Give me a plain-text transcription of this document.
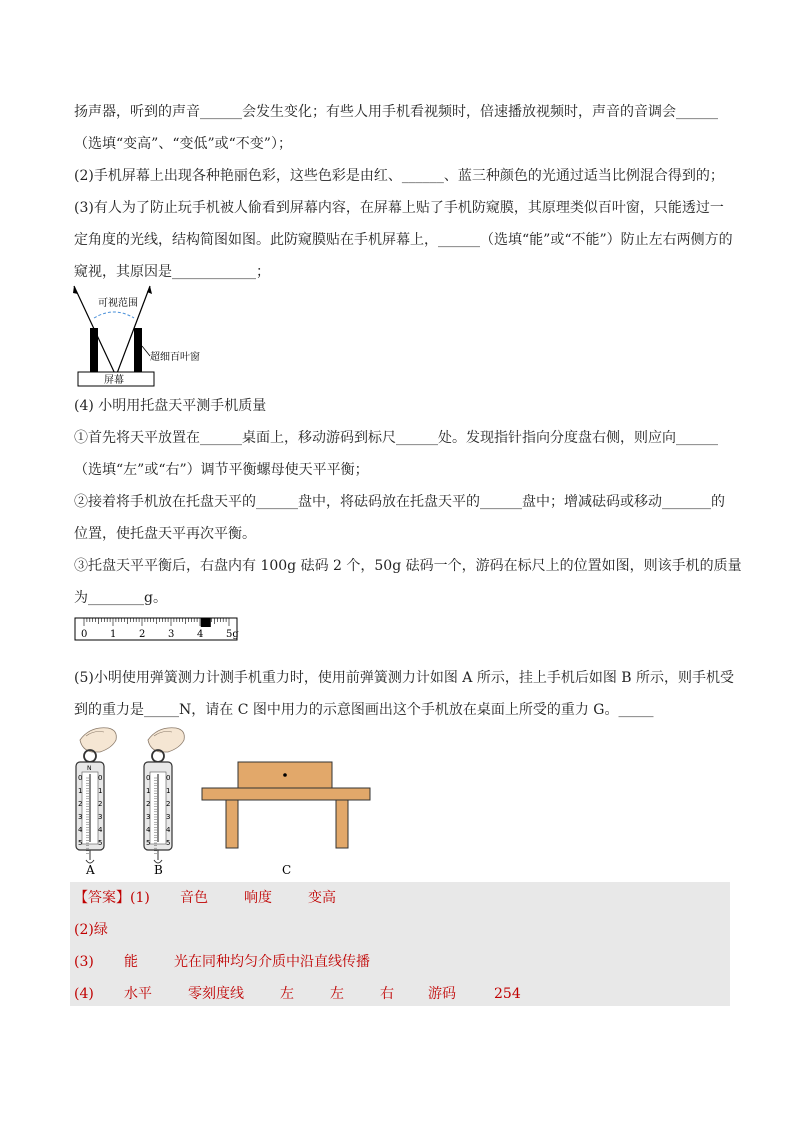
扬声器，听到的声音______会发生变化；有些人用手机看视频时，倍速播放视频时，声音的音调会______
（选填“变高”、“变低”或“不变”）；
(2)手机屏幕上出现各种艳丽色彩，这些色彩是由红、______、蓝三种颜色的光通过适当比例混合得到的；
(3)有人为了防止玩手机被人偷看到屏幕内容，在屏幕上贴了手机防窥膜，其原理类似百叶窗，只能透过一
定角度的光线，结构简图如图。此防窥膜贴在手机屏幕上，______（选填“能”或“不能”）防止左右两侧方的
窥视，其原因是____________；
可视范围
超细百叶窗
屏幕
(4) 小明用托盘天平测手机质量
①首先将天平放置在______桌面上，移动游码到标尺______处。发现指针指向分度盘右侧，则应向______
（选填“左”或“右”）调节平衡螺母使天平平衡；
②接着将手机放在托盘天平的______盘中，将砝码放在托盘天平的______盘中；增减砝码或移动_______的
位置，使托盘天平再次平衡。
③托盘天平平衡后，右盘内有 100g 砝码 2 个，50g 砝码一个，游码在标尺上的位置如图，则该手机的质量
为________g。
0 1 2 3 4 5g
(5)小明使用弹簧测力计测手机重力时，使用前弹簧测力计如图 A 所示，挂上手机后如图 B 所示，则手机受
到的重力是_____N，请在 C 图中用力的示意图画出这个手机放在桌面上所受的重力 G。_____
N
0 0
1 1
2 2
3 3
4 4
5 5
0 0
1 1
2 2
3 3
4 4
5 5
A	B	C
【答案】(1) 音色	响度	变高
(2)绿
(3) 能	光在同种均匀介质中沿直线传播
(4) 水平	零刻度线	左	左	右 游码	254
